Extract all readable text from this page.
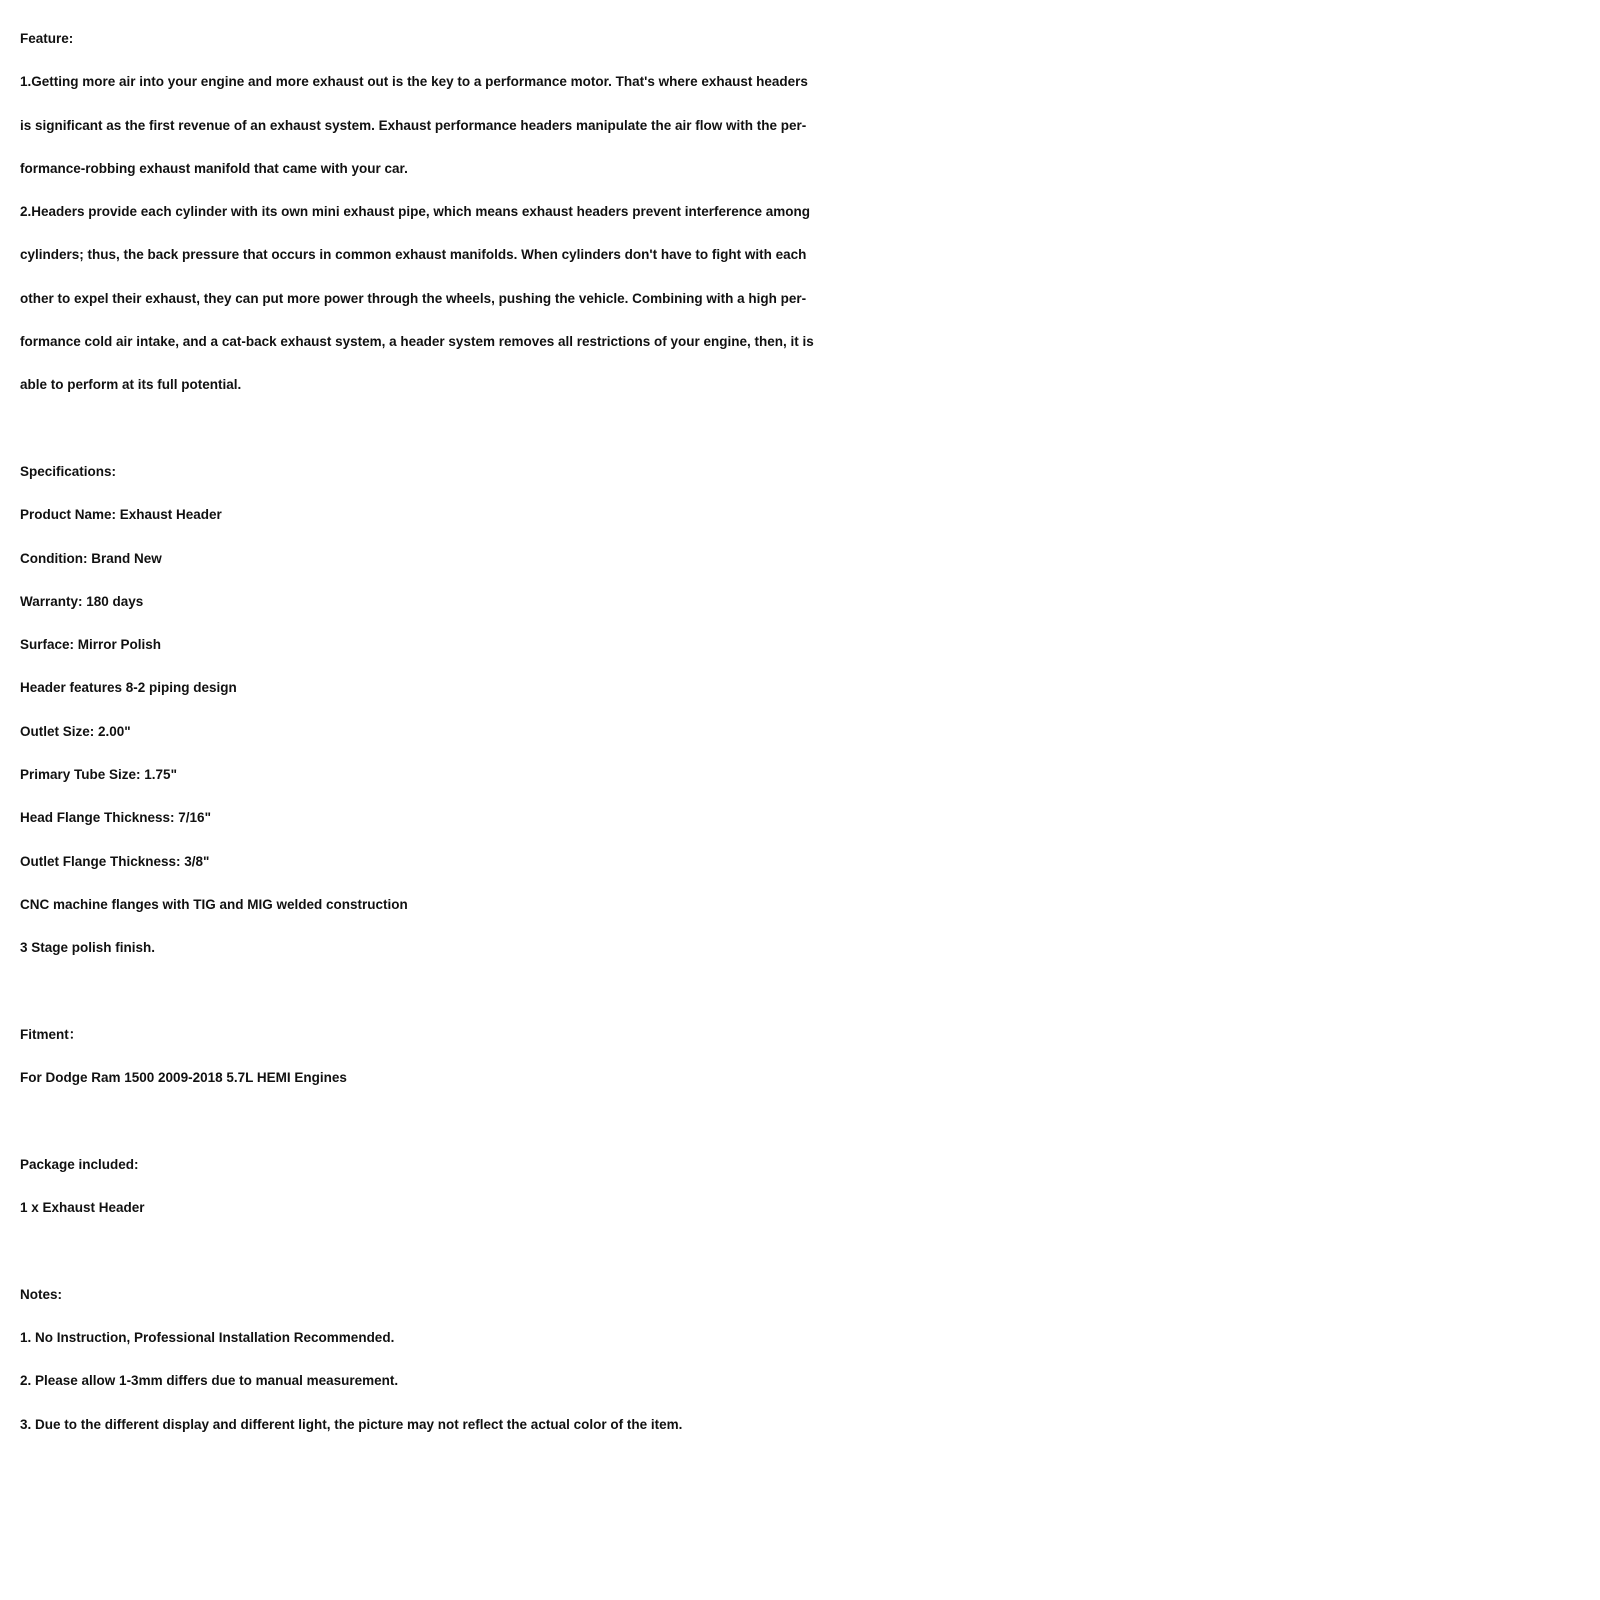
Feature:
1.Getting more air into your engine and more exhaust out is the key to a performance motor. That's where exhaust headers
is significant as the first revenue of an exhaust system. Exhaust performance headers manipulate the air flow with the per-
formance-robbing exhaust manifold that came with your car.
2.Headers provide each cylinder with its own mini exhaust pipe, which means exhaust headers prevent interference among
cylinders; thus, the back pressure that occurs in common exhaust manifolds. When cylinders don't have to fight with each
other to expel their exhaust, they can put more power through the wheels, pushing the vehicle. Combining with a high per-
formance cold air intake, and a cat-back exhaust system, a header system removes all restrictions of your engine, then, it is
able to perform at its full potential.
Specifications:
Product Name: Exhaust Header
Condition: Brand New
Warranty: 180 days
Surface: Mirror Polish
Header features 8-2 piping design
Outlet Size: 2.00"
Primary Tube Size: 1.75"
Head Flange Thickness: 7/16"
Outlet Flange Thickness: 3/8"
CNC machine flanges with TIG and MIG welded construction
3 Stage polish finish.
Fitment：
For Dodge Ram 1500 2009-2018 5.7L HEMI Engines
Package included:
1 x Exhaust Header
Notes:
1. No Instruction, Professional Installation Recommended.
2. Please allow 1-3mm differs due to manual measurement.
3. Due to the different display and different light, the picture may not reflect the actual color of the item.
